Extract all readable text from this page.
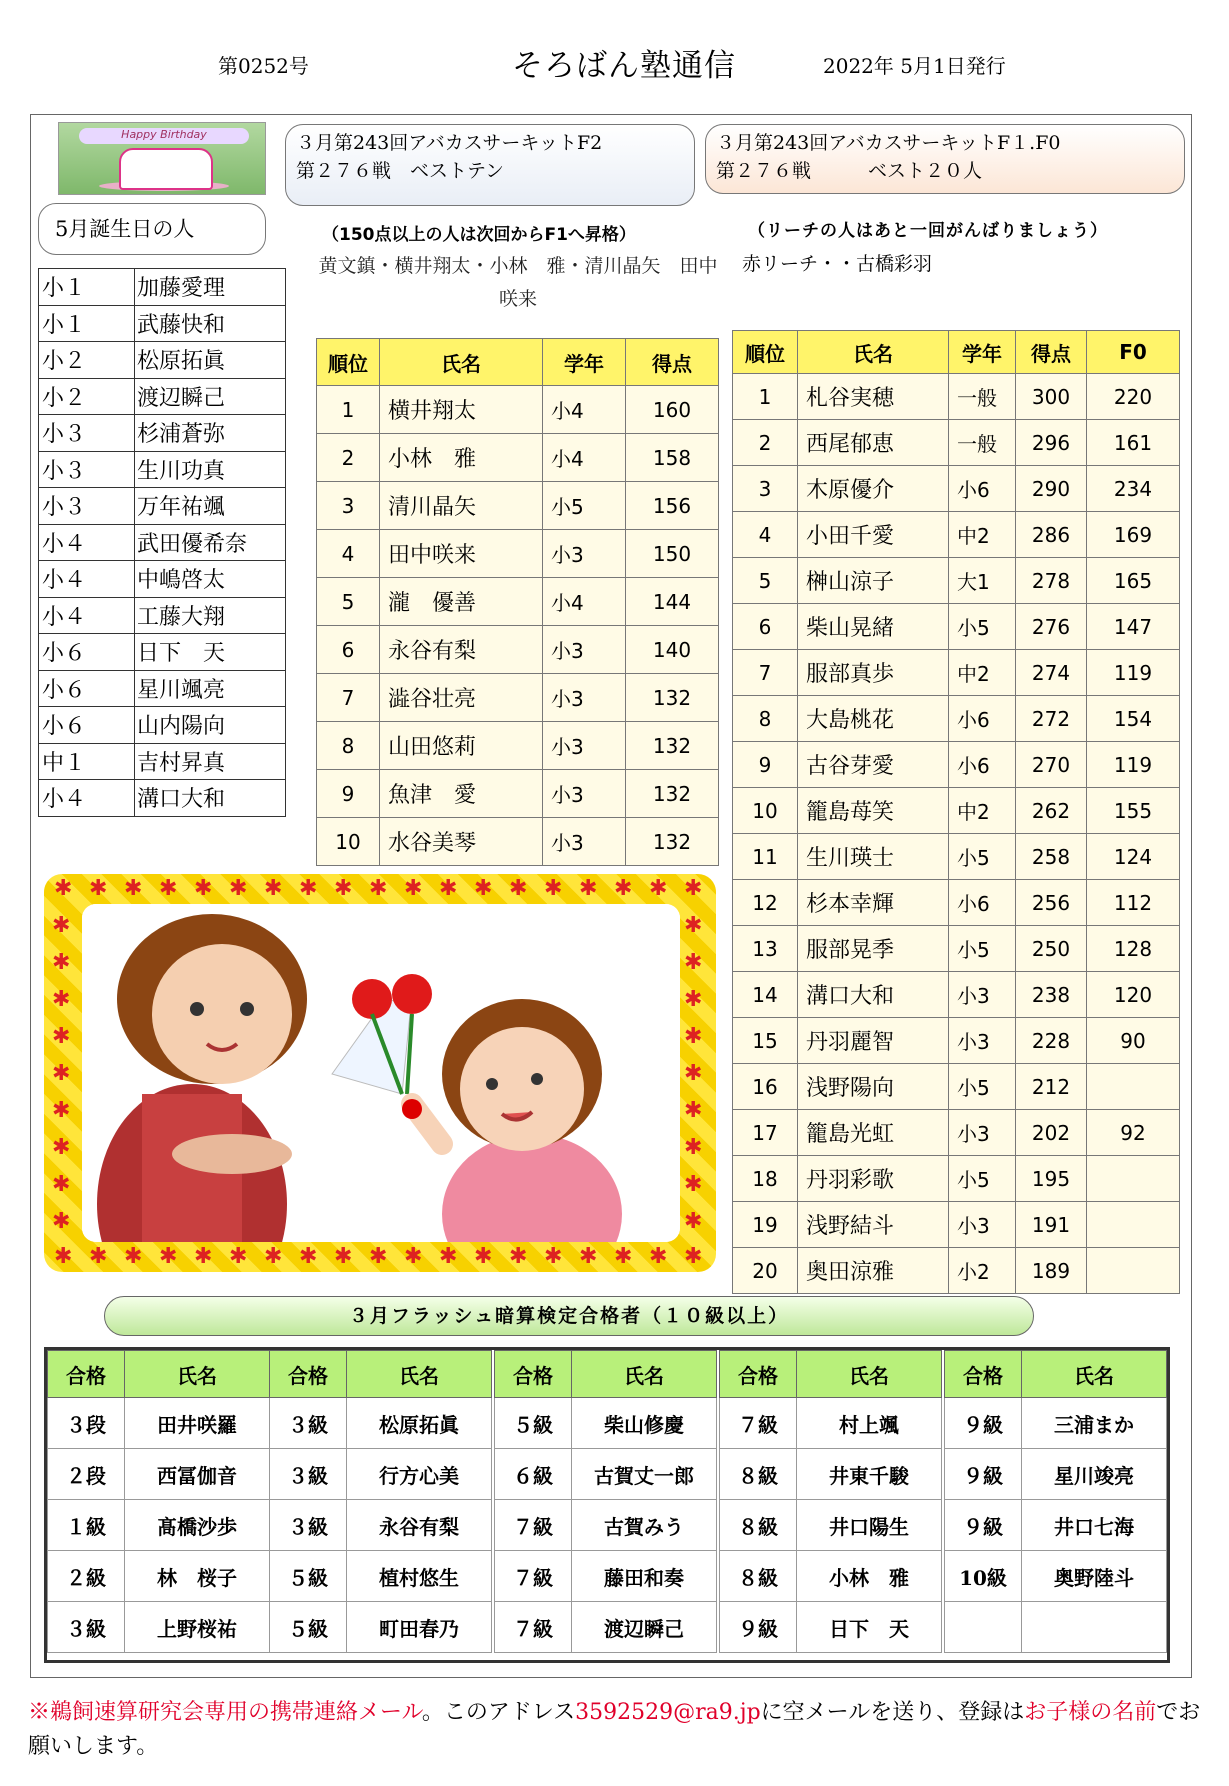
第0252号	そろばん塾通信	2022年 5月1日発行
Happy Birthday	３月第243回アバカスサーキットF2
第２７６戦　ベストテン
３月第243回アバカスサーキットF１.F0
第２７６戦　　　ベスト２０人
5月誕生日の人	（150点以上の人は次回からF1へ昇格）
黄文鎮・横井翔太・小林　雅・清川晶矢　田中咲来
（リーチの人はあと一回がんばりましょう）
赤リーチ・・古橋彩羽
小１	加藤愛理
小１	武藤快和
小２	松原拓眞
小２	渡辺瞬己
小３	杉浦蒼弥
小３	生川功真
小３	万年祐颯
小４	武田優希奈
小４	中嶋啓太
小４	工藤大翔
小６	日下　天
小６	星川颯亮
小６	山内陽向
中１	吉村昇真
小４	溝口大和
順位	氏名	学年	得点
1	横井翔太	小4	160
2	小林　雅	小4	158
3	清川晶矢	小5	156
4	田中咲来	小3	150
5	瀧　優善	小4	144
6	永谷有梨	小3	140
7	澁谷壮亮	小3	132
8	山田悠莉	小3	132
9	魚津　愛	小3	132
10	水谷美琴	小3	132
順位	氏名	学年	得点	F0
1	札谷実穂	一般	300	220
2	西尾郁恵	一般	296	161
3	木原優介	小6	290	234
4	小田千愛	中2	286	169
5	榊山涼子	大1	278	165
6	柴山晃緒	小5	276	147
7	服部真歩	中2	274	119
8	大島桃花	小6	272	154
9	古谷芽愛	小6	270	119
10	籠島苺笑	中2	262	155
11	生川瑛士	小5	258	124
12	杉本幸輝	小6	256	112
13	服部晃季	小5	250	128
14	溝口大和	小3	238	120
15	丹羽麗智	小3	228	90
16	浅野陽向	小5	212	
17	籠島光虹	小3	202	92
18	丹羽彩歌	小5	195	
19	浅野結斗	小3	191	
20	奥田涼雅	小2	189	
✱
✱
✱
✱
✱
✱
✱
✱
✱
✱
✱
✱
✱
✱
✱
✱
✱
✱
✱
✱
✱
✱
✱
✱
✱
✱
✱
✱
✱
✱
✱
✱
✱
✱
✱
✱
✱
✱
✱	✱
✱	✱
✱	✱
✱	✱
✱	✱
✱	✱
✱	✱
✱	✱
✱	✱
３月フラッシュ暗算検定合格者（１０級以上）
合格	氏名
３段	田井咲羅
２段	西冨伽音
１級	髙橋沙歩
２級	林　桜子
３級	上野桜祐
合格	氏名
３級	松原拓眞
３級	行方心美
３級	永谷有梨
５級	植村悠生
５級	町田春乃
合格	氏名
５級	柴山修慶
６級	古賀丈一郎
７級	古賀みう
７級	藤田和奏
７級	渡辺瞬己
合格	氏名
７級	村上颯
８級	井東千駿
８級	井口陽生
８級	小林　雅
９級	日下　天
合格	氏名
９級	三浦まか
９級	星川竣亮
９級	井口七海
10級	奥野陸斗

※鵜飼速算研究会専用の携帯連絡メール。このアドレス3592529@ra9.jpに空メールを送り、登録はお子様の名前でお願いします。
